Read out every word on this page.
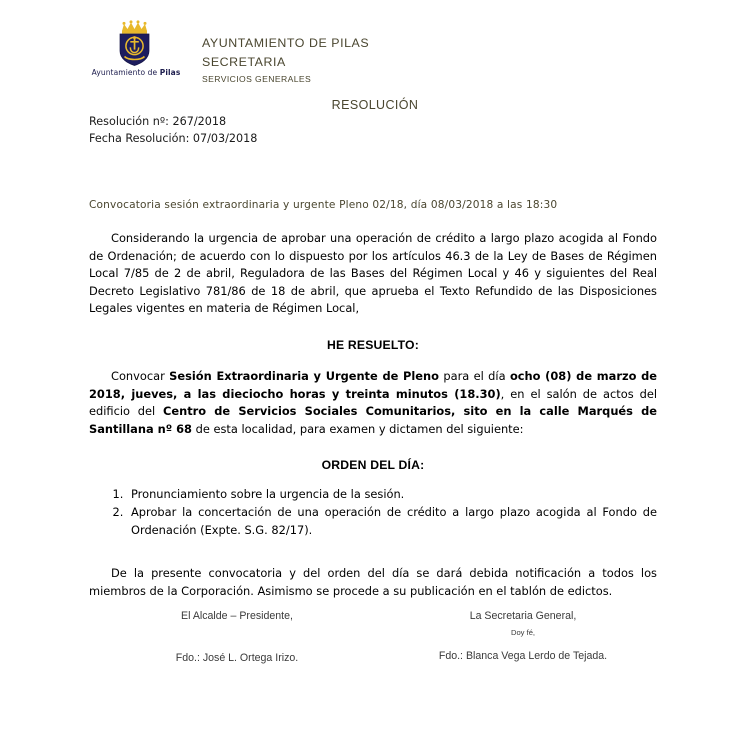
Ayuntamiento de Pilas
AYUNTAMIENTO DE PILAS
SECRETARIA
SERVICIOS GENERALES
RESOLUCIÓN
Resolución nº: 267/2018
Fecha Resolución: 07/03/2018
Convocatoria sesión extraordinaria y urgente Pleno 02/18, día 08/03/2018 a las 18:30

Considerando la urgencia de aprobar una operación de crédito a largo plazo acogida al Fondo de Ordenación; de acuerdo con lo dispuesto por los artículos 46.3 de la Ley de Bases de Régimen Local 7/85 de 2 de abril, Reguladora de las Bases del Régimen Local y 46 y siguientes del Real Decreto Legislativo 781/86 de 18 de abril, que aprueba el Texto Refundido de las Disposiciones Legales vigentes en materia de Régimen Local,

HE RESUELTO:

Convocar Sesión Extraordinaria y Urgente de Pleno para el día ocho (08) de marzo de 2018, jueves, a las dieciocho horas y treinta minutos (18.30), en el salón de actos del edificio del Centro de Servicios Sociales Comunitarios, sito en la calle Marqués de Santillana nº 68 de esta localidad, para examen y dictamen del siguiente:

ORDEN DEL DÍA:

1. Pronunciamiento sobre la urgencia de la sesión.
2. Aprobar la concertación de una operación de crédito a largo plazo acogida al Fondo de Ordenación (Expte. S.G. 82/17).

De la presente convocatoria y del orden del día se dará debida notificación a todos los miembros de la Corporación. Asimismo se procede a su publicación en el tablón de edictos.

El Alcalde – Presidente,
Fdo.: José L. Ortega Irizo.
La Secretaria General,
Doy fé,
Fdo.: Blanca Vega Lerdo de Tejada.
